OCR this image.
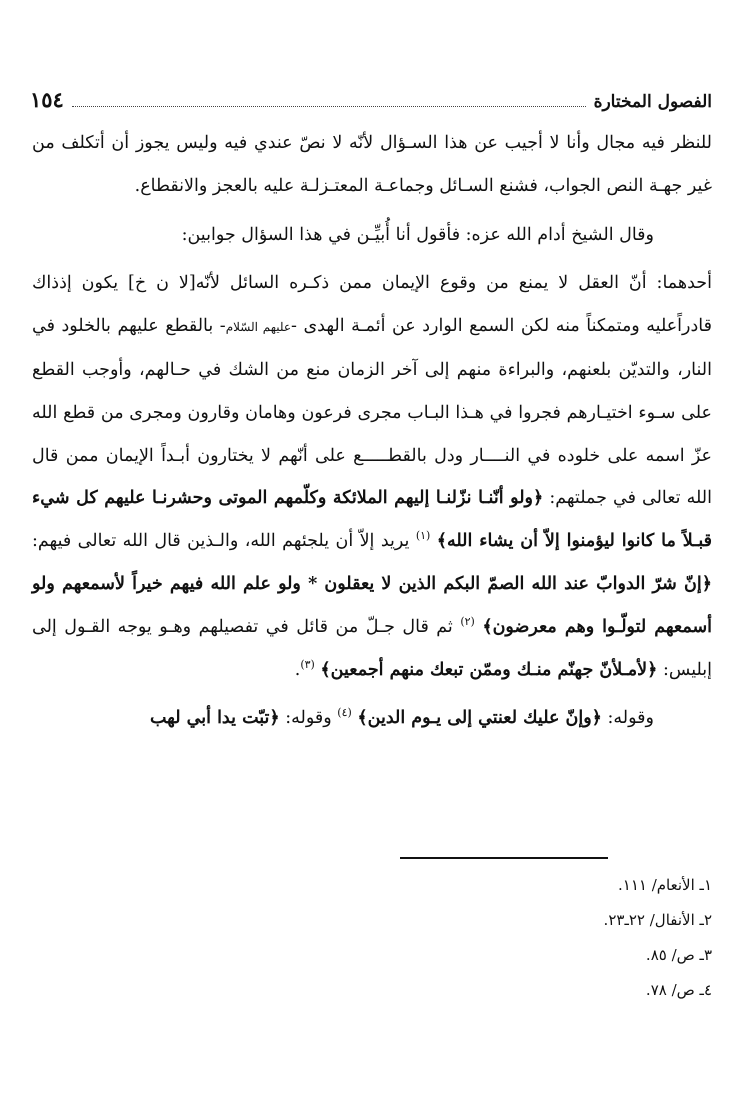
١٥٤	الفصول المختارة

للنظر فيه مجال وأنا لا أجيب عن هذا السـؤال لأنّه لا نصّ عندي فيه وليس يجوز أن أتكلف من غير جهـة النص الجواب، فشنع السـائل وجماعـة المعتـزلـة عليه بالعجز والانقطاع.

وقال الشيخ أدام الله عزه: فأقول أنا أُبيِّـن في هذا السؤال جوابين:

أحدهما: أنّ العقل لا يمنع من وقوع الإيمان ممن ذكـره السائل لأنّه[لا ن خ] يكون إذذاك قادراًعليه ومتمكناً منه لكن السمع الوارد عن أئمـة الهدى -عليهم السّلام- بالقطع عليهم بالخلود في النار، والتديّن بلعنهم، والبراءة منهم إلى آخر الزمان منع من الشك في حـالهم، وأوجب القطع على سـوء اختيـارهم فجروا في هـذا البـاب مجرى فرعون وهامان وقارون ومجرى من قطع الله عزّ اسمه على خلوده في النــــار ودل بالقطـــــع على أنّهم لا يختارون أبـداً الإيمان ممن قال الله تعالى في جملتهم: ﴿ولو أنّنـا نزّلنـا إليهم الملائكة وكلّمهم الموتى وحشرنـا عليهم كل شيء قبـلاً ما كانوا ليؤمنوا إلاّ أن يشاء الله﴾ $^{(١)}$ يريد إلاّ أن يلجئهم الله، والـذين قال الله تعالى فيهم:﴿إنّ شرّ الدوابّ عند الله الصمّ البكم الذين لا يعقلون * ولو علم الله فيهم خيراً لأسمعهم ولو أسمعهم لتولّـوا وهم معرضون﴾ $^{(٢)}$ ثم قال جـلّ من قائل في تفصيلهم وهـو يوجه القـول إلى إبليس: ﴿لأمـلأنّ جهنّم منـك وممّن تبعك منهم أجمعين﴾ $^{(٣)}$.

وقوله: ﴿وإنّ عليك لعنتي إلى يـوم الدين﴾ $^{(٤)}$ وقوله: ﴿تبّت يدا أبي لهب

١ـ الأنعام/ ١١١.
٢ـ الأنفال/ ٢٢ـ٢٣.
٣ـ ص/ ٨٥.
٤ـ ص/ ٧٨.
